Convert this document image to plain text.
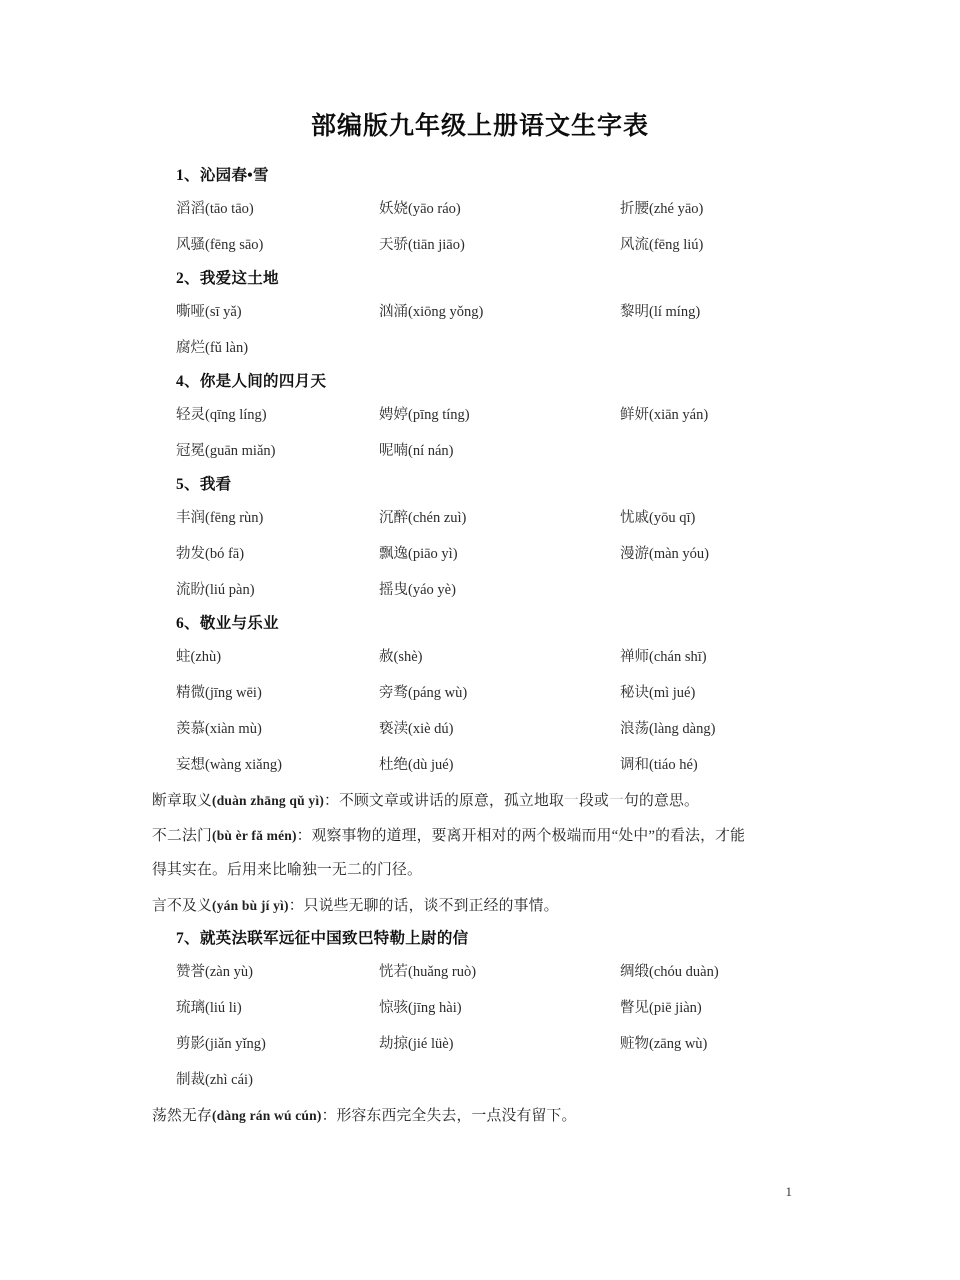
部编版九年级上册语文生字表
1、沁园春•雪
滔滔(tāo tāo)	妖娆(yāo ráo)	折腰(zhé yāo)
风骚(fēng sāo)	天骄(tiān jiāo)	风流(fēng liú)
2、我爱这土地
嘶哑(sī yǎ)	汹涌(xiōng yǒng)	黎明(lí míng)
腐烂(fǔ làn)
4、你是人间的四月天
轻灵(qīng líng)	娉婷(pīng tíng)	鲜妍(xiān yán)
冠冕(guān miǎn)	呢喃(ní nán)
5、我看
丰润(fēng rùn)	沉醉(chén zuì)	忧戚(yōu qī)
勃发(bó fā)	飘逸(piāo yì)	漫游(màn yóu)
流盼(liú pàn)	摇曳(yáo yè)
6、敬业与乐业
蛀(zhù)	赦(shè)	禅师(chán shī)
精微(jīng wēi)	旁骛(páng wù)	秘诀(mì jué)
羡慕(xiàn mù)	亵渎(xiè dú)	浪荡(làng dàng)
妄想(wàng xiǎng)	杜绝(dù jué)	调和(tiáo hé)
断章取义(duàn zhāng qǔ yì)：不顾文章或讲话的原意，孤立地取一段或一句的意思。
不二法门(bù èr fǎ mén)：观察事物的道理，要离开相对的两个极端而用“处中”的看法，才能
得其实在。后用来比喻独一无二的门径。
言不及义(yán bù jí yì)：只说些无聊的话，谈不到正经的事情。
7、就英法联军远征中国致巴特勒上尉的信
赞誉(zàn yù)	恍若(huǎng ruò)	绸缎(chóu duàn)
琉璃(liú li)	惊骇(jīng hài)	瞥见(piē jiàn)
剪影(jiǎn yǐng)	劫掠(jié lüè)	赃物(zāng wù)
制裁(zhì cái)
荡然无存(dàng rán wú cún)：形容东西完全失去，一点没有留下。
1
